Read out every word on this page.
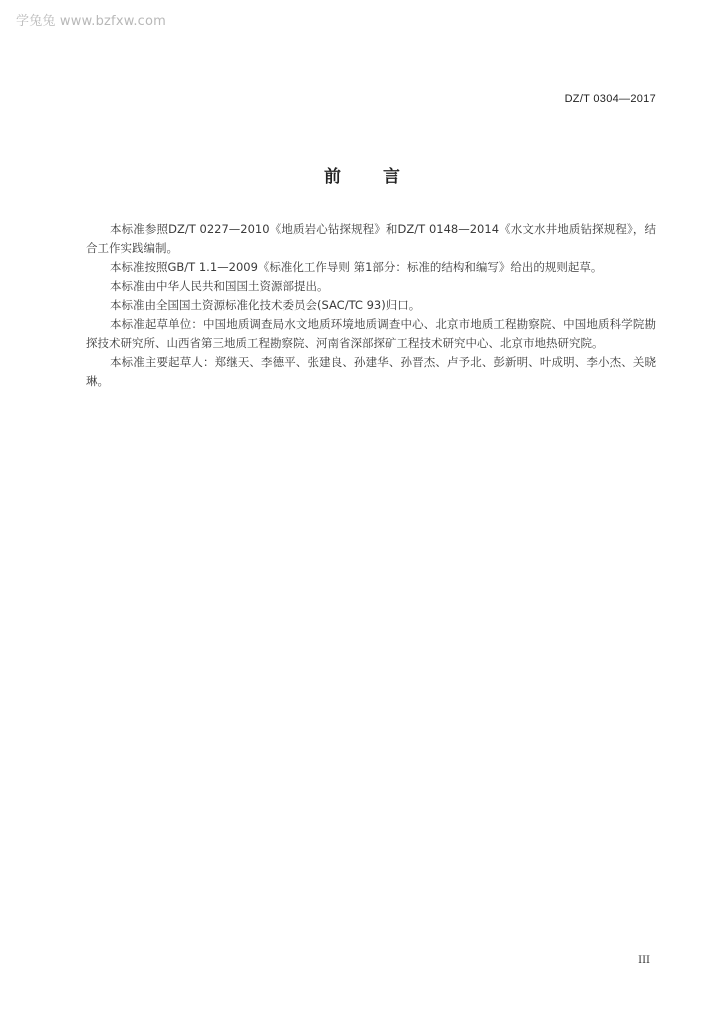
学兔兔 www.bzfxw.com
DZ/T 0304—2017
前 言

本标准参照DZ/T 0227—2010《地质岩心钻探规程》和DZ/T 0148—2014《水文水井地质钻探规程》，结合工作实践编制。

本标准按照GB/T 1.1—2009《标准化工作导则 第1部分：标准的结构和编写》给出的规则起草。

本标准由中华人民共和国国土资源部提出。

本标准由全国国土资源标准化技术委员会(SAC/TC 93)归口。

本标准起草单位：中国地质调查局水文地质环境地质调查中心、北京市地质工程勘察院、中国地质科学院勘探技术研究所、山西省第三地质工程勘察院、河南省深部探矿工程技术研究中心、北京市地热研究院。

本标准主要起草人：郑继天、李德平、张建良、孙建华、孙晋杰、卢予北、彭新明、叶成明、李小杰、关晓琳。

III
